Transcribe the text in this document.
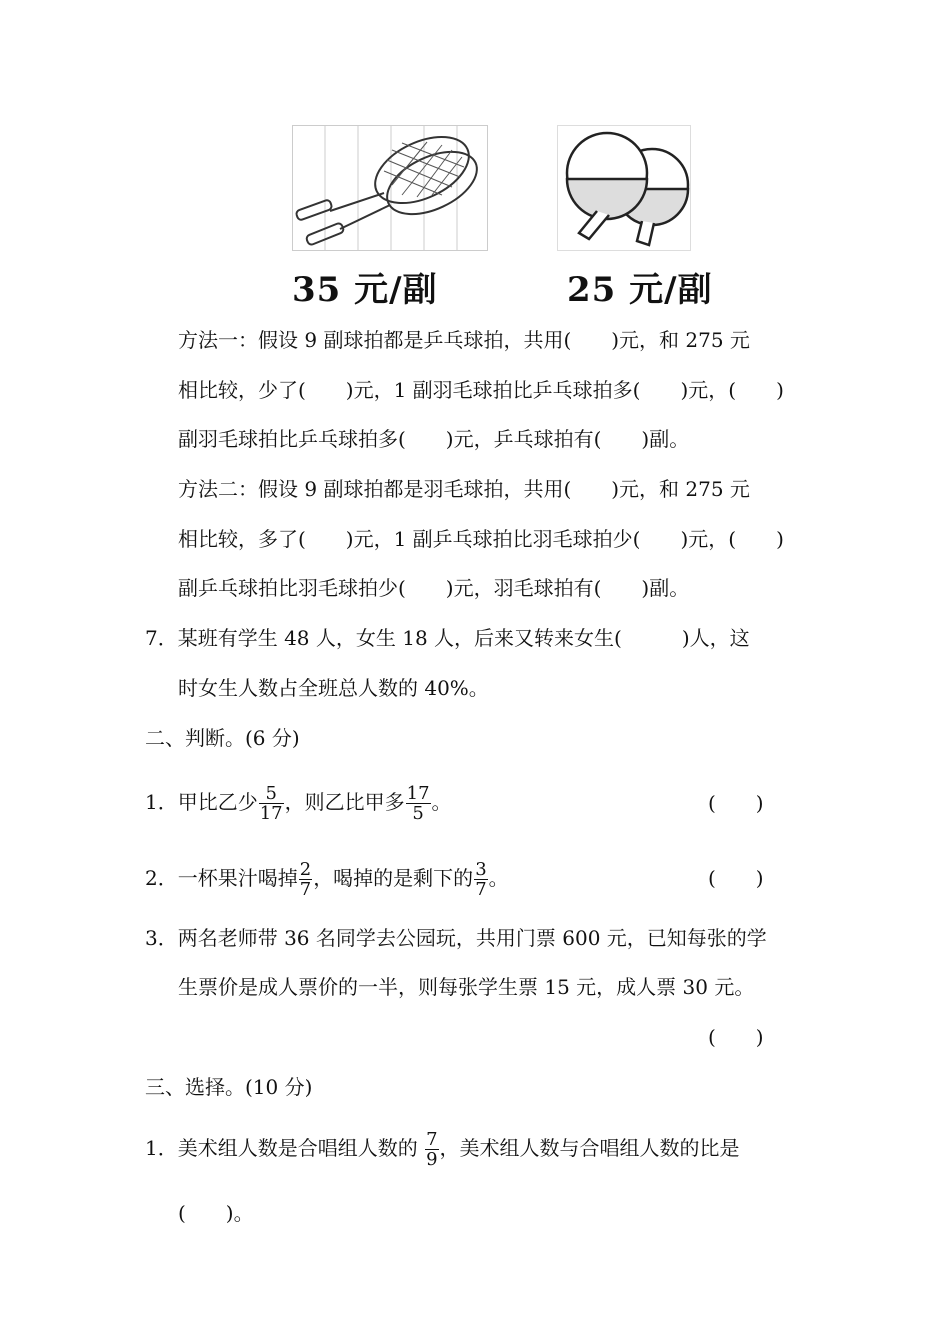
35 元/副	25 元/副
方法一：假设 9 副球拍都是乒乓球拍，共用(　　)元，和 275 元
相比较，少了(　　)元，1 副羽毛球拍比乒乓球拍多(　　)元，(　　)
副羽毛球拍比乒乓球拍多(　　)元，乒乓球拍有(　　)副。
方法二：假设 9 副球拍都是羽毛球拍，共用(　　)元，和 275 元
相比较，多了(　　)元，1 副乒乓球拍比羽毛球拍少(　　)元，(　　)
副乒乓球拍比羽毛球拍少(　　)元，羽毛球拍有(　　)副。
7．某班有学生 48 人，女生 18 人，后来又转来女生(　　　)人，这
时女生人数占全班总人数的 40%。
二、判断。(6 分)
1．甲比乙少 $\frac{5}{17}$ ，则乙比甲多 $\frac{17}{5}$ 。	(　　)
2．一杯果汁喝掉 $\frac{2}{7}$ ，喝掉的是剩下的 $\frac{3}{7}$ 。	(　　)
3．两名老师带 36 名同学去公园玩，共用门票 600 元，已知每张的学
生票价是成人票价的一半，则每张学生票 15 元，成人票 30 元。
(　　)
三、选择。(10 分)
1．美术组人数是合唱组人数的 $\frac{7}{9}$ ，美术组人数与合唱组人数的比是
(　　)。
